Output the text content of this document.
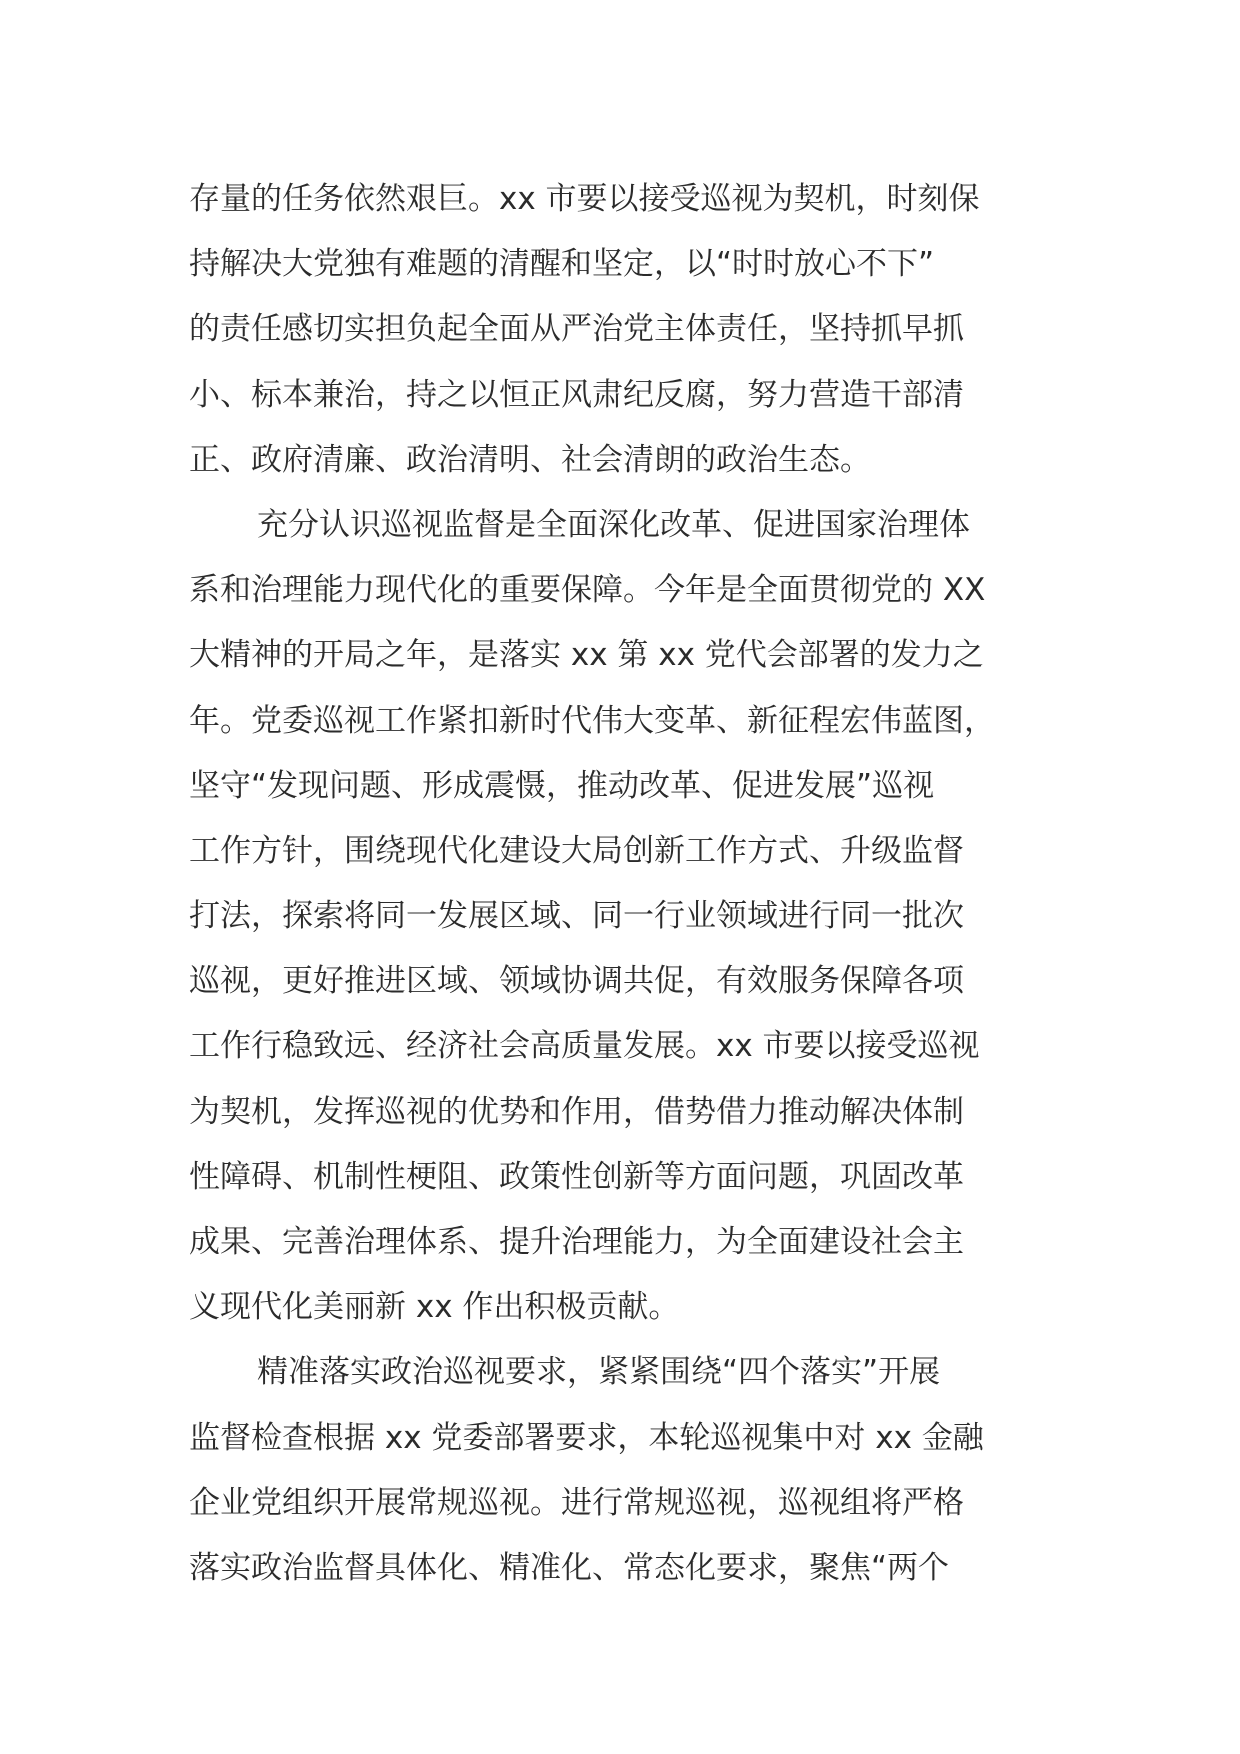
存量的任务依然艰巨。xx 市要以接受巡视为契机，时刻保
持解决大党独有难题的清醒和坚定，以“时时放心不下”
的责任感切实担负起全面从严治党主体责任，坚持抓早抓
小、标本兼治，持之以恒正风肃纪反腐，努力营造干部清
正、政府清廉、政治清明、社会清朗的政治生态。
充分认识巡视监督是全面深化改革、促进国家治理体
系和治理能力现代化的重要保障。今年是全面贯彻党的 XX
大精神的开局之年，是落实 xx 第 xx 党代会部署的发力之
年。党委巡视工作紧扣新时代伟大变革、新征程宏伟蓝图，
坚守“发现问题、形成震慑，推动改革、促进发展”巡视
工作方针，围绕现代化建设大局创新工作方式、升级监督
打法，探索将同一发展区域、同一行业领域进行同一批次
巡视，更好推进区域、领域协调共促，有效服务保障各项
工作行稳致远、经济社会高质量发展。xx 市要以接受巡视
为契机，发挥巡视的优势和作用，借势借力推动解决体制
性障碍、机制性梗阻、政策性创新等方面问题，巩固改革
成果、完善治理体系、提升治理能力，为全面建设社会主
义现代化美丽新 xx 作出积极贡献。
精准落实政治巡视要求，紧紧围绕“四个落实”开展
监督检查根据 xx 党委部署要求，本轮巡视集中对 xx 金融
企业党组织开展常规巡视。进行常规巡视，巡视组将严格
落实政治监督具体化、精准化、常态化要求，聚焦“两个
